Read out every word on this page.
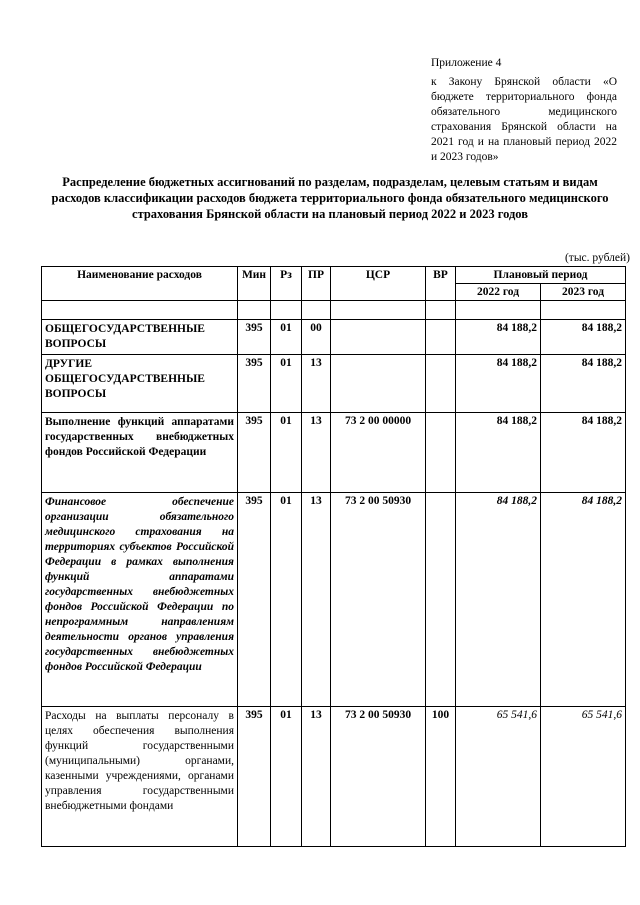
Приложение 4
к Закону Брянской области «О бюджете территориального фонда обязательного медицинского страхования Брянской области на 2021 год и на плановый период 2022 и 2023 годов»
Распределение бюджетных ассигнований по разделам, подразделам, целевым статьям и видам расходов классификации расходов бюджета территориального фонда обязательного медицинского страхования Брянской области на плановый период 2022 и 2023 годов
(тыс. рублей)
Наименование расходов	Мин	Рз	ПР	ЦСР	ВР	Плановый период	
						2022 год	2023 год

ОБЩЕГОСУДАРСТВЕННЫЕ ВОПРОСЫ	395	01	00			84 188,2	84 188,2
ДРУГИЕ ОБЩЕГОСУДАРСТВЕННЫЕ ВОПРОСЫ	395	01	13			84 188,2	84 188,2
Выполнение функций аппаратами государственных внебюджетных фондов Российской Федерации	395	01	13	73 2 00 00000		84 188,2	84 188,2
Финансовое обеспечение организации обязательного медицинского страхования на территориях субъектов Российской Федерации в рамках выполнения функций аппаратами государственных внебюджетных фондов Российской Федерации по непрограммным направлениям деятельности органов управления государственных внебюджетных фондов Российской Федерации	395	01	13	73 2 00 50930		84 188,2	84 188,2
Расходы на выплаты персоналу в целях обеспечения выполнения функций государственными (муниципальными) органами, казенными учреждениями, органами управления государственными внебюджетными фондами	395	01	13	73 2 00 50930	100	65 541,6	65 541,6
